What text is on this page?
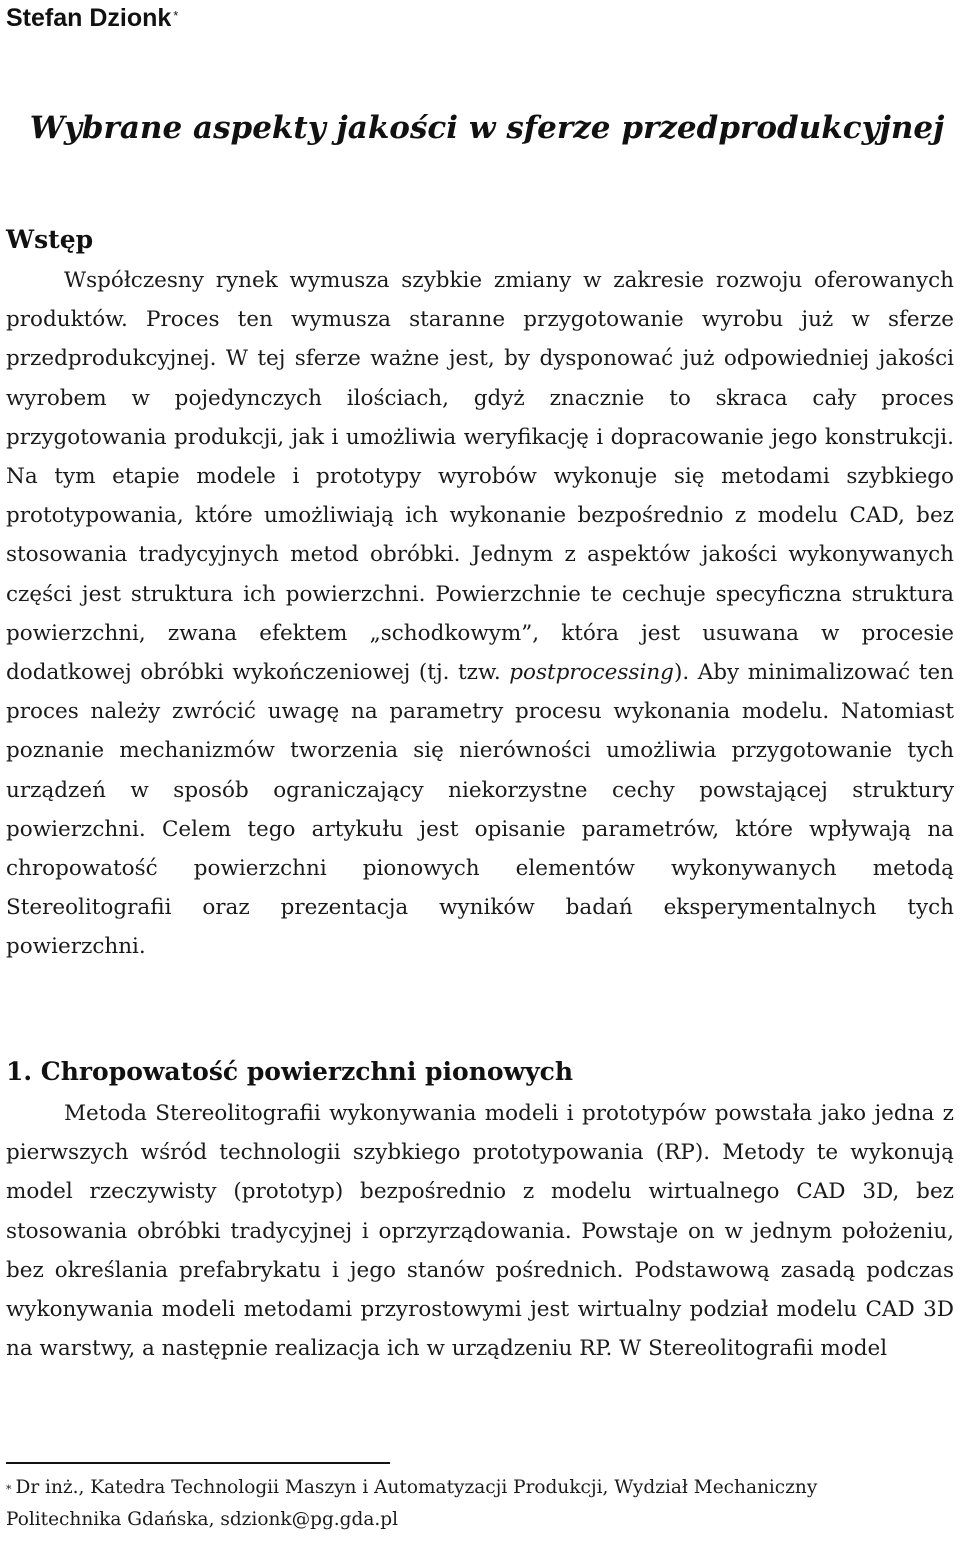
Stefan Dzionk *
Wybrane aspekty jakości w sferze przedprodukcyjnej
Wstęp

Współczesny rynek wymusza szybkie zmiany w zakresie rozwoju oferowanych produktów. Proces ten wymusza staranne przygotowanie wyrobu już w sferze przedprodukcyjnej. W tej sferze ważne jest, by dysponować już odpowiedniej jakości wyrobem w pojedynczych ilościach, gdyż znacznie to skraca cały proces przygotowania produkcji, jak i umożliwia weryfikację i dopracowanie jego konstrukcji. Na tym etapie modele i prototypy wyrobów wykonuje się metodami szybkiego prototypowania, które umożliwiają ich wykonanie bezpośrednio z modelu CAD, bez stosowania tradycyjnych metod obróbki. Jednym z aspektów jakości wykonywanych części jest struktura ich powierzchni. Powierzchnie te cechuje specyficzna struktura powierzchni, zwana efektem „schodkowym”, która jest usuwana w procesie dodatkowej obróbki wykończeniowej (tj. tzw. postprocessing). Aby minimalizować ten proces należy zwrócić uwagę na parametry procesu wykonania modelu. Natomiast poznanie mechanizmów tworzenia się nierówności umożliwia przygotowanie tych urządzeń w sposób ograniczający niekorzystne cechy powstającej struktury powierzchni. Celem tego artykułu jest opisanie parametrów, które wpływają na chropowatość powierzchni pionowych elementów wykonywanych metodą Stereolitografii oraz prezentacja wyników badań eksperymentalnych tych powierzchni.

1. Chropowatość powierzchni pionowych

Metoda Stereolitografii wykonywania modeli i prototypów powstała jako jedna z pierwszych wśród technologii szybkiego prototypowania (RP). Metody te wykonują model rzeczywisty (prototyp) bezpośrednio z modelu wirtualnego CAD 3D, bez stosowania obróbki tradycyjnej i oprzyrządowania. Powstaje on w jednym położeniu, bez określania prefabrykatu i jego stanów pośrednich. Podstawową zasadą podczas wykonywania modeli metodami przyrostowymi jest wirtualny podział modelu CAD 3D na warstwy, a następnie realizacja ich w urządzeniu RP. W Stereolitografii model

* Dr inż., Katedra Technologii Maszyn i Automatyzacji Produkcji, Wydział Mechaniczny
Politechnika Gdańska, sdzionk@pg.gda.pl
